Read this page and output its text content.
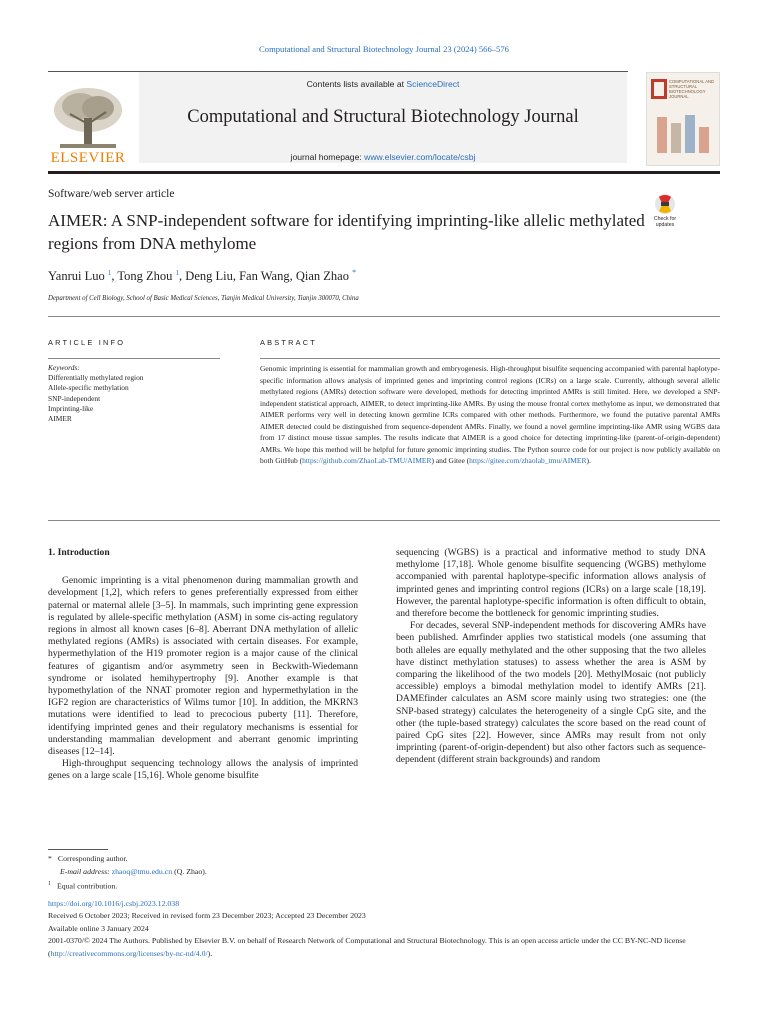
Computational and Structural Biotechnology Journal 23 (2024) 566–576
ELSEVIER
Contents lists available at ScienceDirect
Computational and Structural Biotechnology Journal
journal homepage: www.elsevier.com/locate/csbj
COMPUTATIONAL AND STRUCTURAL BIOTECHNOLOGY JOURNAL
Software/web server article
AIMER: A SNP-independent software for identifying imprinting-like allelic methylated regions from DNA methylome
Check for updates
Yanrui Luo $^1$, Tong Zhou $^1$, Deng Liu, Fan Wang, Qian Zhao *
Department of Cell Biology, School of Basic Medical Sciences, Tianjin Medical University, Tianjin 300070, China
ARTICLE INFO
Keywords:
Differentially methylated region
Allele-specific methylation
SNP-independent
Imprinting-like
AIMER
ABSTRACT
Genomic imprinting is essential for mammalian growth and embryogenesis. High-throughput bisulfite sequencing accompanied with parental haplotype-specific information allows analysis of imprinted genes and imprinting control regions (ICRs) on a large scale. Currently, although several allelic methylated regions (AMRs) detection software were developed, methods for detecting imprinted AMRs is still limited. Here, we developed a SNP-independent statistical approach, AIMER, to detect imprinting-like AMRs. By using the mouse frontal cortex methylome as input, we demonstrated that AIMER performs very well in detecting known germline ICRs compared with other methods. Furthermore, we found the putative parental AMRs AIMER detected could be distinguished from sequence-dependent AMRs. Finally, we found a novel germline imprinting-like AMR using WGBS data from 17 distinct mouse tissue samples. The results indicate that AIMER is a good choice for detecting imprinting-like (parent-of-origin-dependent) AMRs. We hope this method will be helpful for future genomic imprinting studies. The Python source code for our project is now publicly available on both GitHub (https://github.com/ZhaoLab-TMU/AIMER) and Gitee (https://gitee.com/zhaolab_tmu/AIMER).
1. Introduction

Genomic imprinting is a vital phenomenon during mammalian growth and development [1,2], which refers to genes preferentially expressed from either paternal or maternal allele [3–5]. In mammals, such imprinting gene expression is regulated by allele-specific methylation (ASM) in some cis-acting regulatory regions in almost all known cases [6–8]. Aberrant DNA methylation of allelic methylated regions (AMRs) is associated with certain diseases. For example, hypermethylation of the H19 promoter region is a major cause of the clinical features of gigantism and/or asymmetry seen in Beckwith-Wiedemann syndrome or isolated hemihypertrophy [9]. Another example is that hypomethylation of the NNAT promoter region and hypermethylation in the IGF2 region are characteristics of Wilms tumor [10]. In addition, the MKRN3 mutations were identified to lead to precocious puberty [11]. Therefore, identifying imprinted genes and their regulatory mechanisms is essential for understanding mammalian development and aberrant genomic imprinting diseases [12–14].

High-throughput sequencing technology allows the analysis of imprinted genes on a large scale [15,16]. Whole genome bisulfite

sequencing (WGBS) is a practical and informative method to study DNA methylome [17,18]. Whole genome bisulfite sequencing (WGBS) methylome accompanied with parental haplotype-specific information allows analysis of imprinted genes and imprinting control regions (ICRs) on a large scale [18,19]. However, the parental haplotype-specific information is often difficult to obtain, and therefore become the bottleneck for genomic imprinting studies.

For decades, several SNP-independent methods for discovering AMRs have been published. Amrfinder applies two statistical models (one assuming that both alleles are equally methylated and the other supposing that the two alleles have distinct methylation statuses) to assess whether the area is ASM by comparing the likelihood of the two models [20]. MethylMosaic (not publicly accessible) employs a bimodal methylation model to identify AMRs [21]. DAMEfinder calculates an ASM score mainly using two strategies: one (the SNP-based strategy) calculates the heterogeneity of a single CpG site, and the other (the tuple-based strategy) calculates the score based on the read count of paired CpG sites [22]. However, since AMRs may result from not only imprinting (parent-of-origin-dependent) but also other factors such as sequence-dependent (different strain backgrounds) and random

* Corresponding author.
E-mail address: zhaoq@tmu.edu.cn (Q. Zhao).
$^1$ Equal contribution.
https://doi.org/10.1016/j.csbj.2023.12.038
Received 6 October 2023; Received in revised form 23 December 2023; Accepted 23 December 2023
Available online 3 January 2024
2001-0370/© 2024 The Authors. Published by Elsevier B.V. on behalf of Research Network of Computational and Structural Biotechnology. This is an open access article under the CC BY-NC-ND license (http://creativecommons.org/licenses/by-nc-nd/4.0/).
